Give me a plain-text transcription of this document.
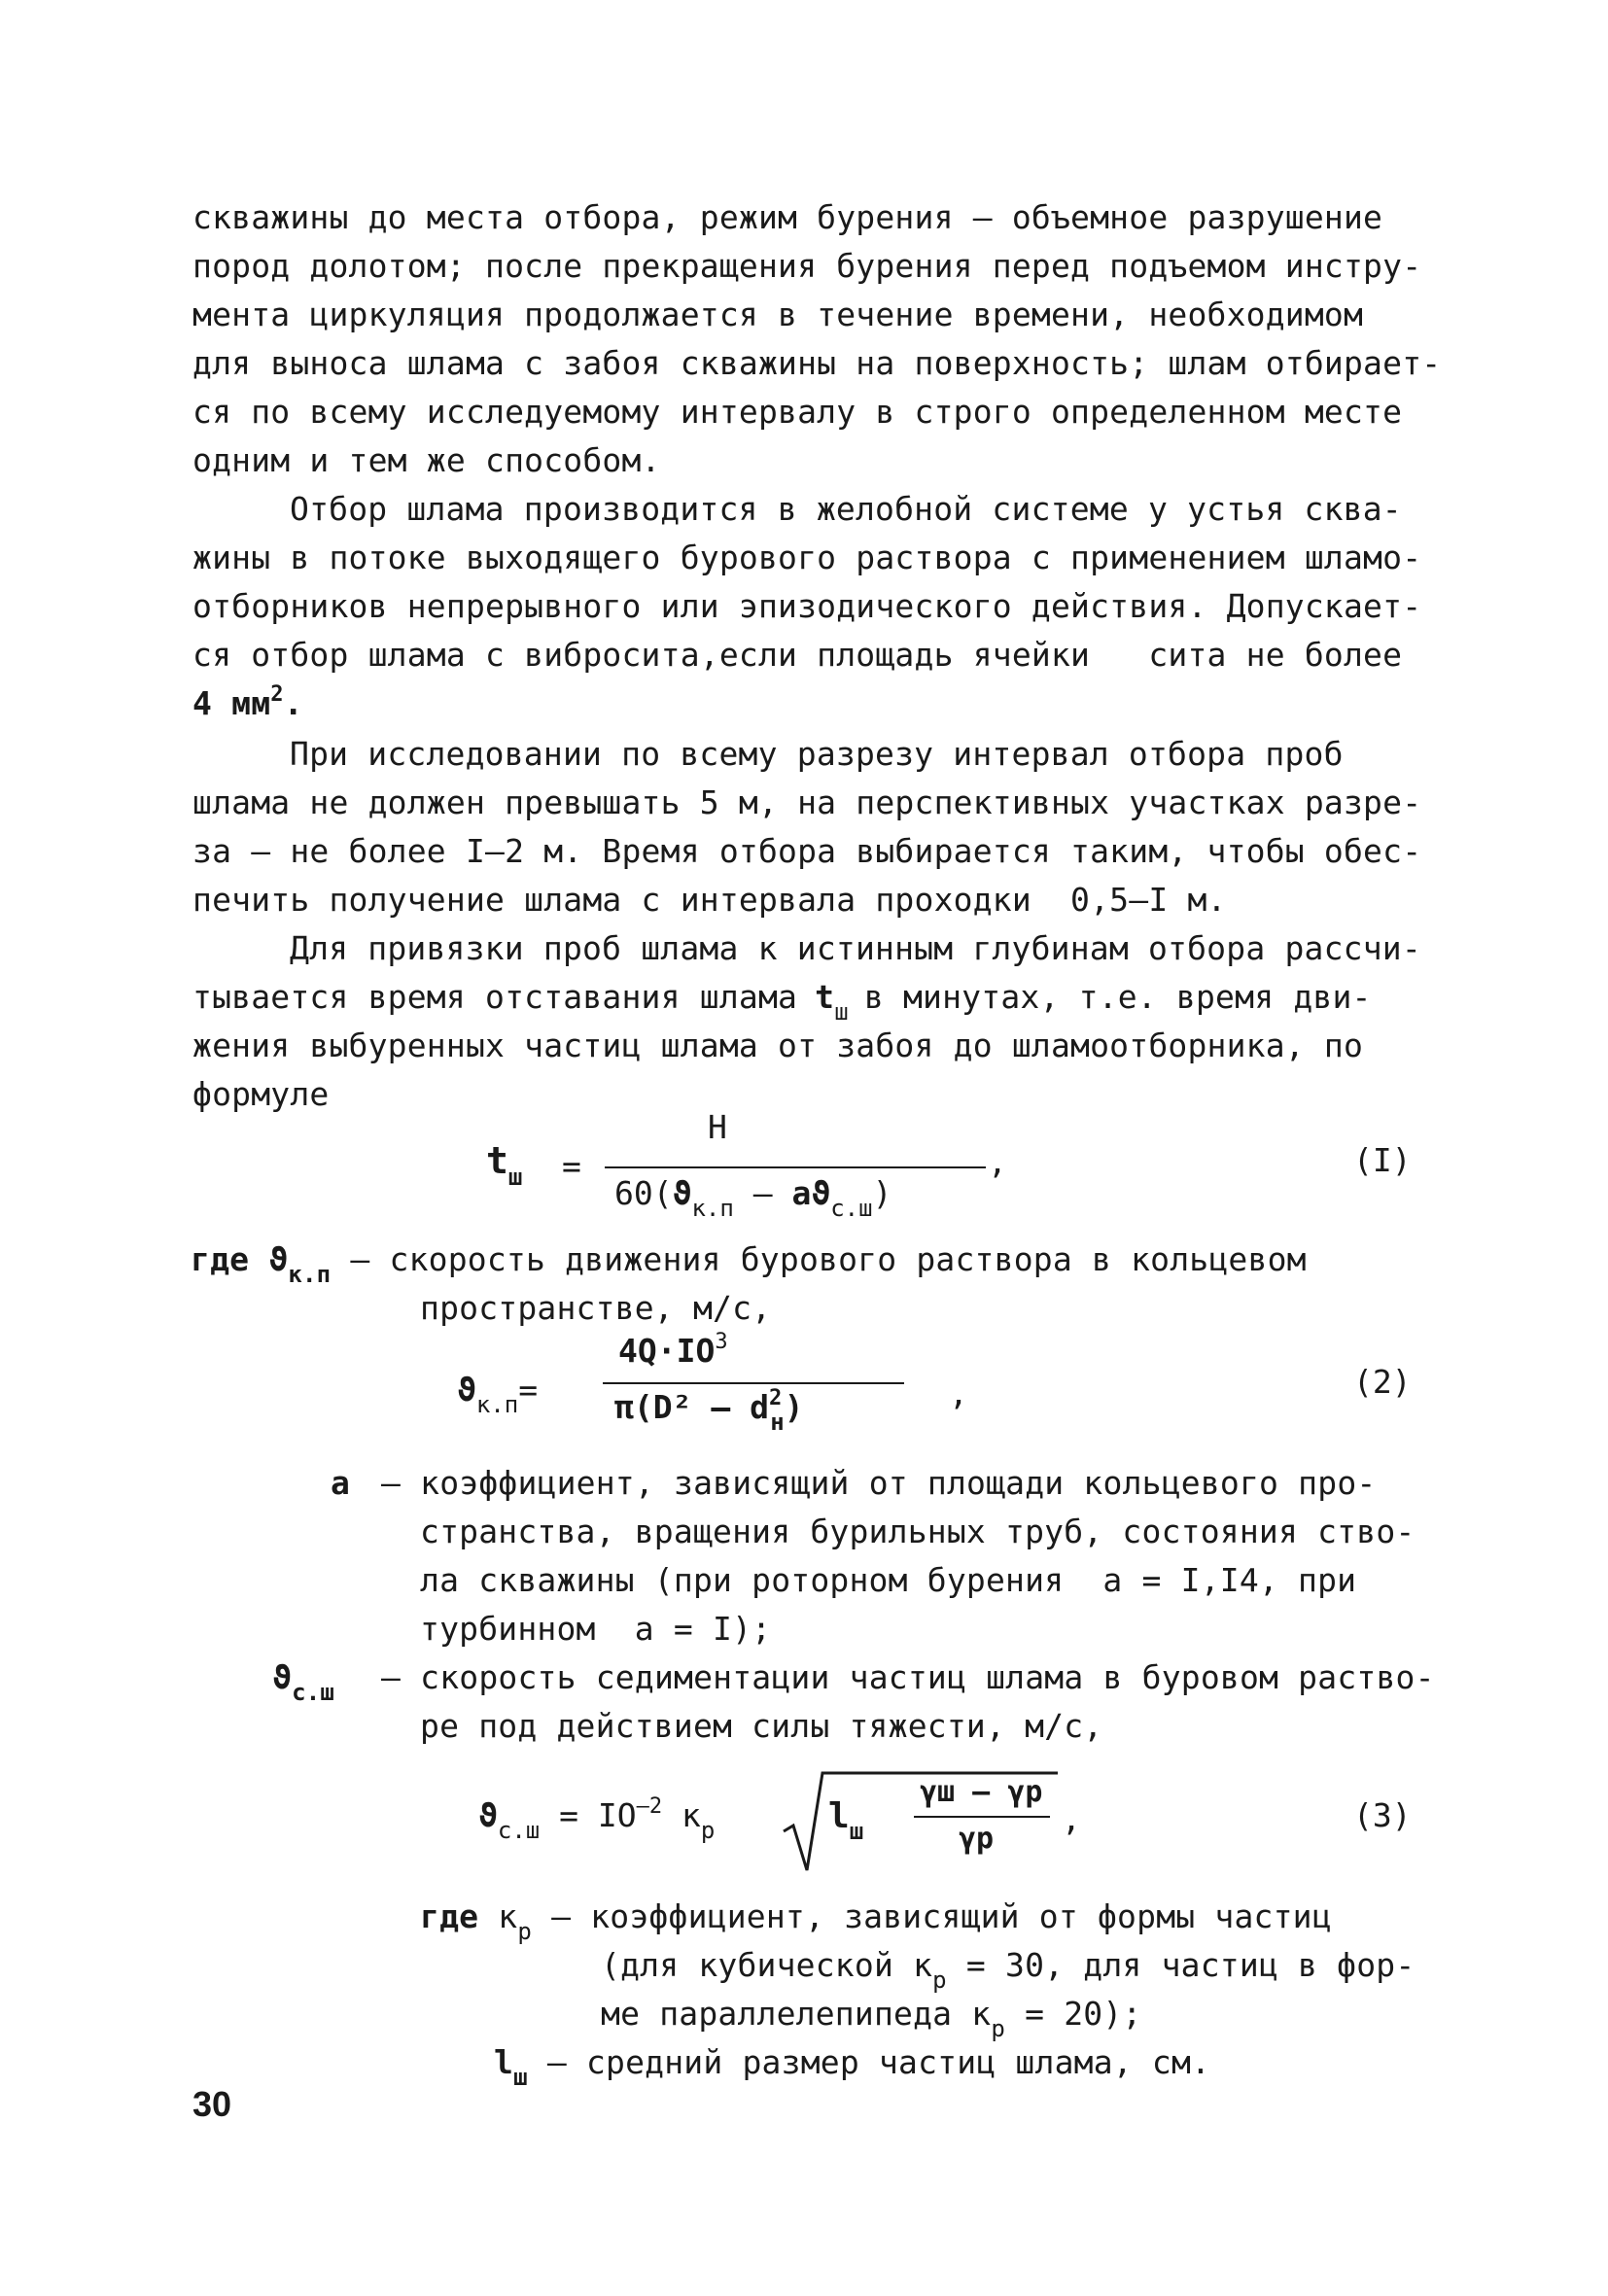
скважины до места отбора, режим бурения – объемное разрушение
пород долотом; после прекращения бурения перед подъемом инстру-
мента циркуляция продолжается в течение времени, необходимом
для выноса шлама с забоя скважины на поверхность; шлам отбирает-
ся по всему исследуемому интервалу в строго определенном месте
одним и тем же способом.
Отбор шлама производится в желобной системе у устья сква-
жины в потоке выходящего бурового раствора с применением шламо-
отборников непрерывного или эпизодического действия. Допускает-
ся отбор шлама с вибросита,если площадь ячейки   сита не более
4 $мм^2$.
При исследовании по всему разрезу интервал отбора проб
шлама не должен превышать 5 м, на перспективных участках разре-
за – не более I–2 м. Время отбора выбирается таким, чтобы обес-
печить получение шлама с интервала проходки  0,5–I м.
Для привязки проб шлама к истинным глубинам отбора рассчи-
тывается время отставания шлама $t_ш$ в минутах, т.е. время дви-
жения выбуренных частиц шлама от забоя до шламоотборника, по
формуле
$t_ш$ =
H
$60(ϑ_{к.п} - aϑ_{с.ш})$
,	(I)
где $ϑ_{к.п}$ – скорость движения бурового раствора в кольцевом
пространстве, м/с,
$ϑ_{к.п}=$
$4Q\cdot IO^3$
$\pi(D^2 - d^2_н)$	,	(2)
a – коэффициент, зависящий от площади кольцевого про-
странства, вращения бурильных труб, состояния ство-
ла скважины (при роторном бурения  a = I,I4, при
турбинном  a = I);
$ϑ_{с.ш}$ – скорость седиментации частиц шлама в буровом раство-
ре под действием силы тяжести, м/с,
$ϑ_{с.ш} = IO^{-2}$ $к_р$	$l_ш$
γш – γр
γр
,	(3)
где $к_р$ – коэффициент, зависящий от формы частиц
(для кубической $к_р = 30$, для частиц в фор-
ме параллелепипеда $к_р = 20$);
$l_ш$ – средний размер частиц шлама, см.
30
